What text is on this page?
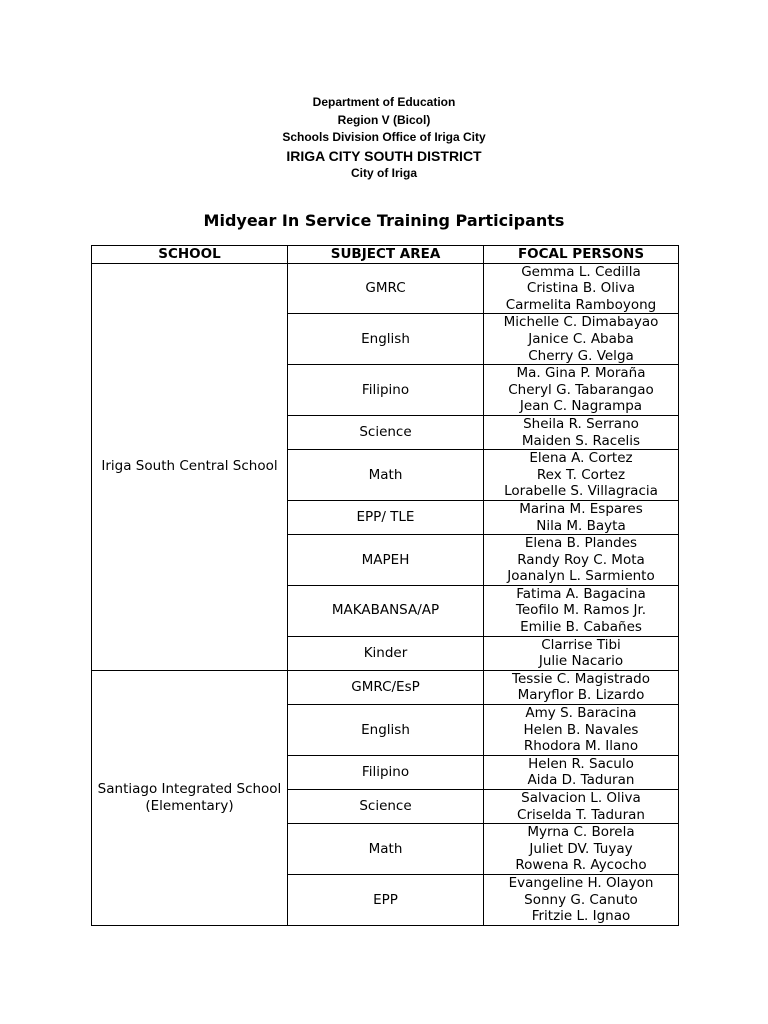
Department of Education
Region V (Bicol)
Schools Division Office of Iriga City
IRIGA CITY SOUTH DISTRICT
City of Iriga
Midyear In Service Training Participants
SCHOOL	SUBJECT AREA	FOCAL PERSONS
Iriga South Central School	GMRC	Gemma L. Cedilla
Cristina B. Oliva
Carmelita Ramboyong

	English	Michelle C. Dimabayao
Janice C. Ababa
Cherry G. Velga

	Filipino	Ma. Gina P. Moraña
Cheryl G. Tabarangao
Jean C. Nagrampa

	Science	Sheila R. Serrano
Maiden S. Racelis

	Math	Elena A. Cortez
Rex T. Cortez
Lorabelle S. Villagracia

	EPP/ TLE	Marina M. Espares
Nila M. Bayta

	MAPEH	Elena B. Plandes
Randy Roy C. Mota
Joanalyn L. Sarmiento

	MAKABANSA/AP	Fatima A. Bagacina
Teofilo M. Ramos Jr.
Emilie B. Cabañes

	Kinder	Clarrise Tibi
Julie Nacario

Santiago Integrated School (Elementary)	GMRC/EsP	Tessie C. Magistrado
Maryflor B. Lizardo

	English	Amy S. Baracina
Helen B. Navales
Rhodora M. Ilano

	Filipino	Helen R. Saculo
Aida D. Taduran

	Science	Salvacion L. Oliva
Criselda T. Taduran

	Math	Myrna C. Borela
Juliet DV. Tuyay
Rowena R. Aycocho

	EPP	Evangeline H. Olayon
Sonny G. Canuto
Fritzie L. Ignao
